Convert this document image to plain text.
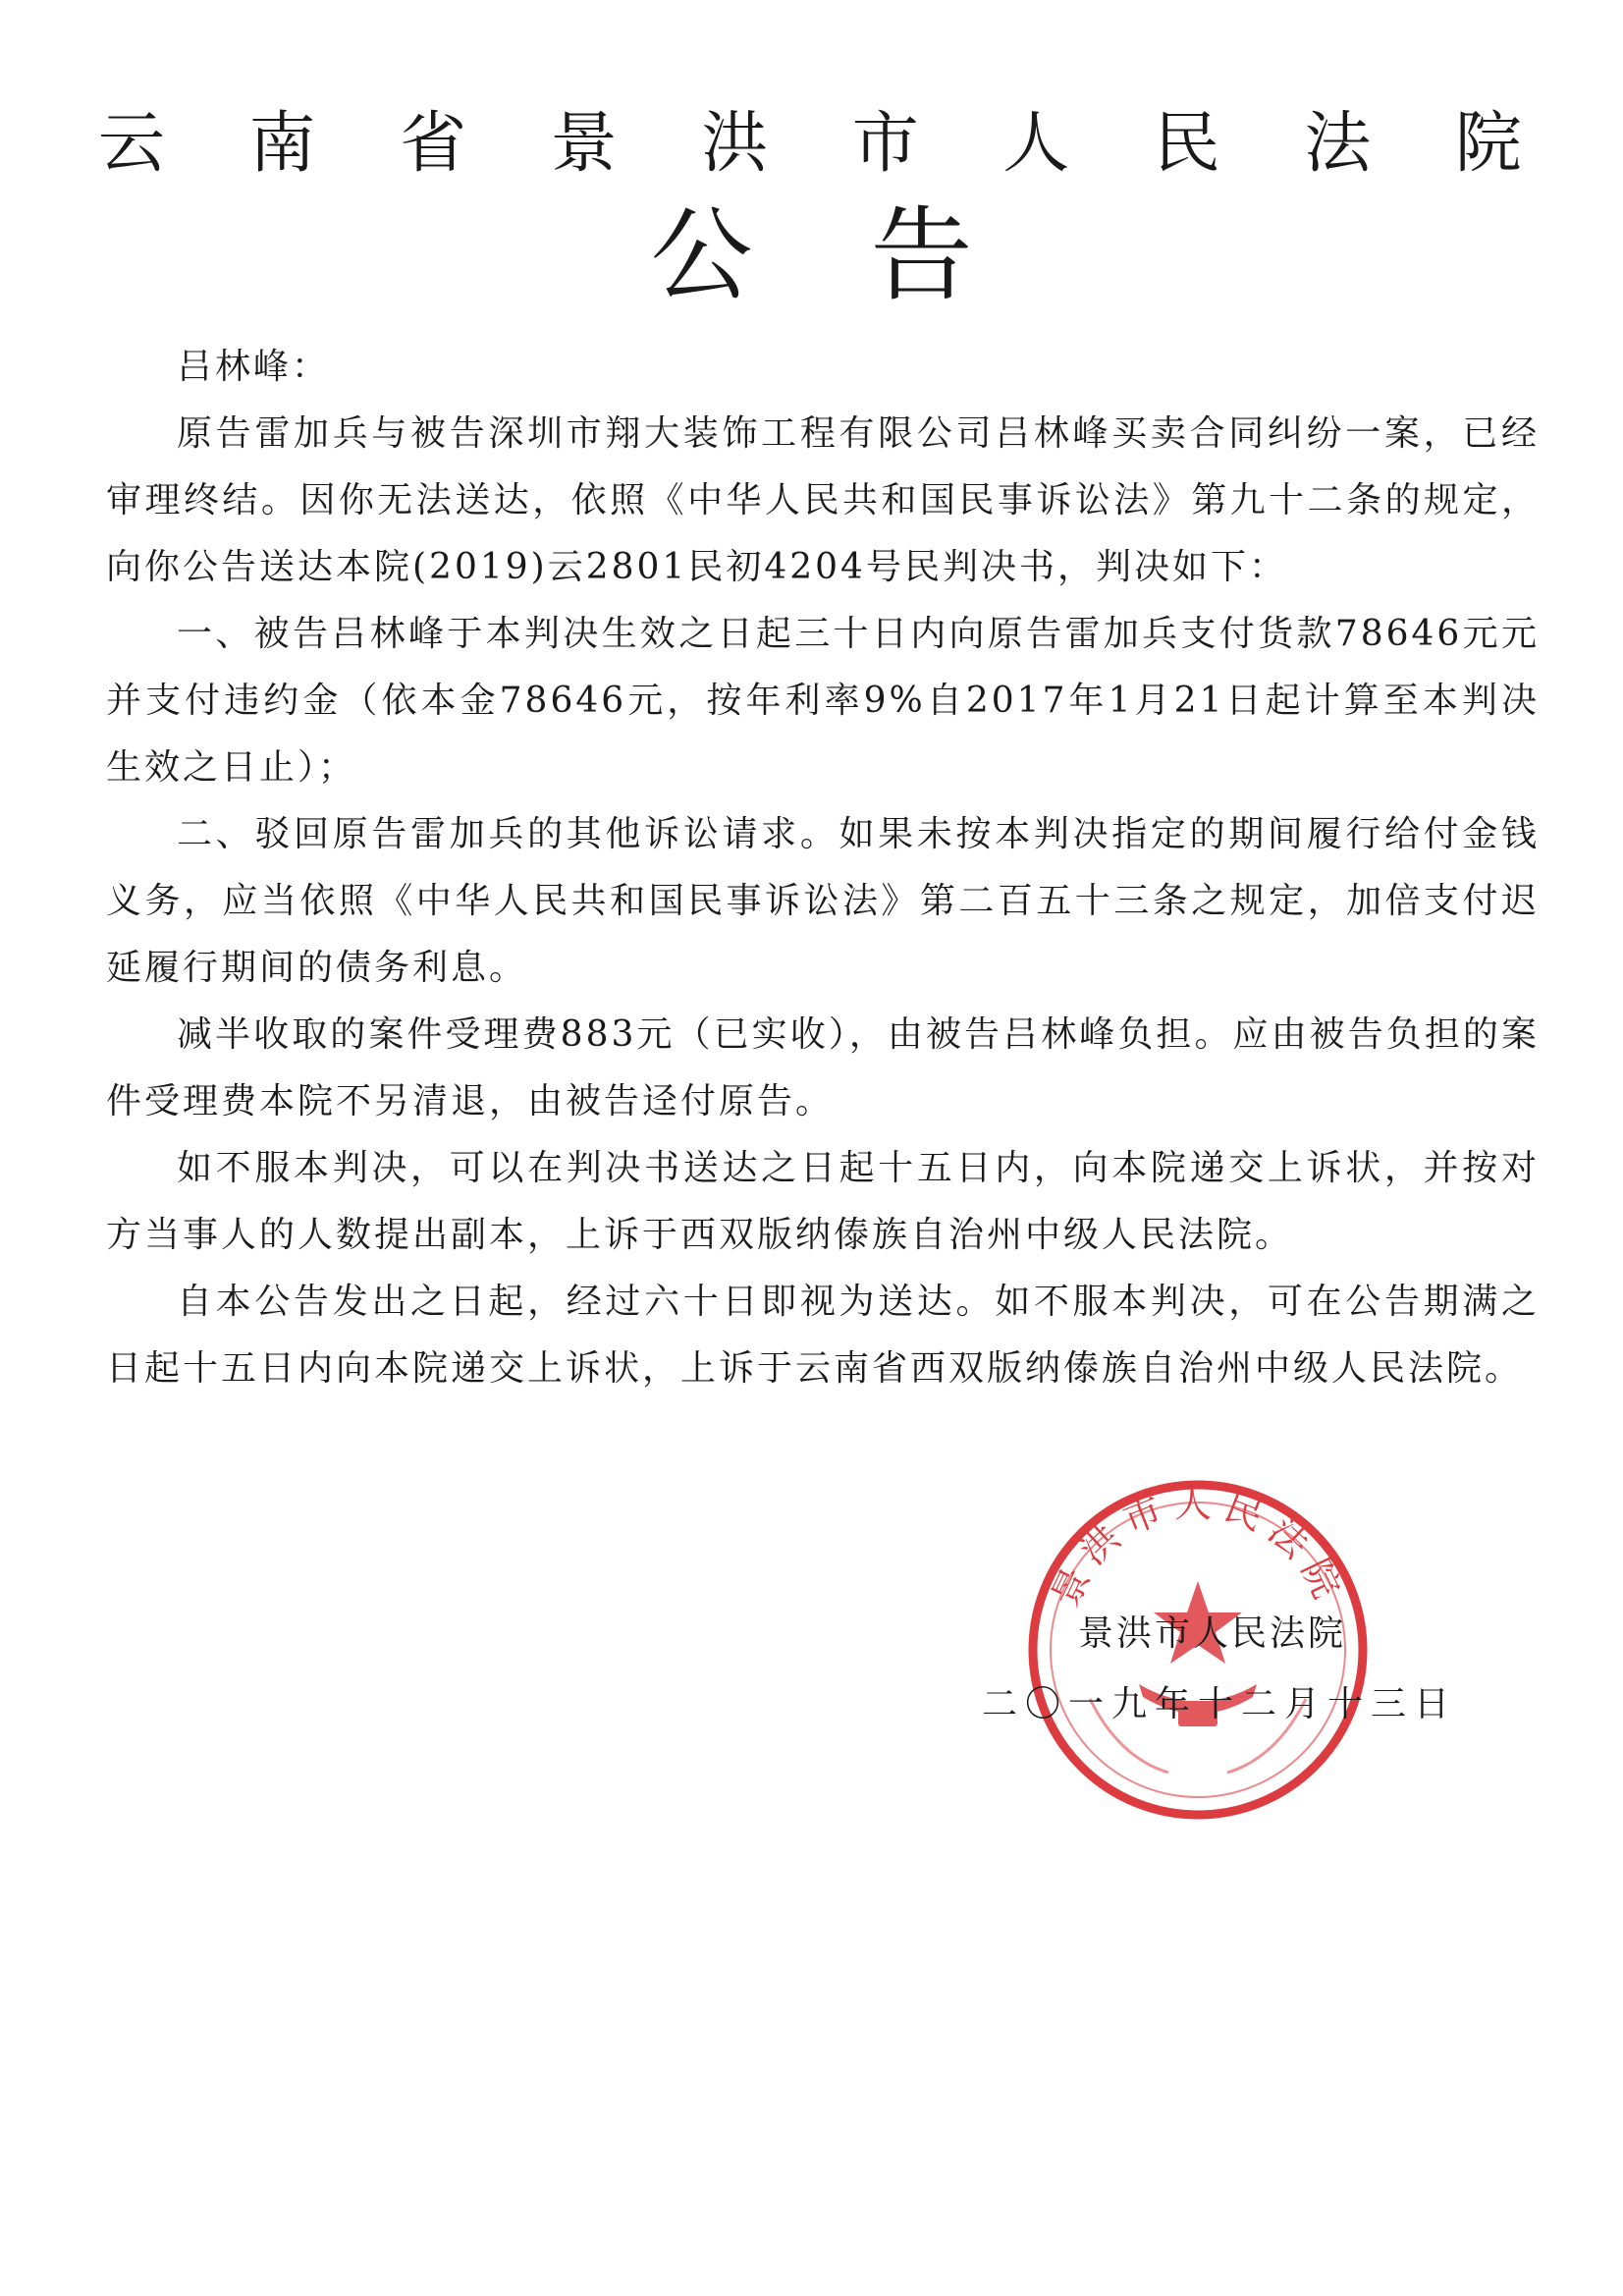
云 南 省 景 洪 市 人 民 法 院
公告

吕林峰：

原告雷加兵与被告深圳市翔大装饰工程有限公司吕林峰买卖合同纠纷一案，已经审理终结。因你无法送达，依照《中华人民共和国民事诉讼法》第九十二条的规定，向你公告送达本院(2019)云2801民初4204号民判决书，判决如下：

一、被告吕林峰于本判决生效之日起三十日内向原告雷加兵支付货款78646元元并支付违约金（依本金78646元，按年利率9%自2017年1月21日起计算至本判决生效之日止）；

二、驳回原告雷加兵的其他诉讼请求。如果未按本判决指定的期间履行给付金钱义务，应当依照《中华人民共和国民事诉讼法》第二百五十三条之规定，加倍支付迟延履行期间的债务利息。

减半收取的案件受理费883元（已实收），由被告吕林峰负担。应由被告负担的案件受理费本院不另清退，由被告迳付原告。

如不服本判决，可以在判决书送达之日起十五日内，向本院递交上诉状，并按对方当事人的人数提出副本，上诉于西双版纳傣族自治州中级人民法院。

自本公告发出之日起，经过六十日即视为送达。如不服本判决，可在公告期满之日起十五日内向本院递交上诉状，上诉于云南省西双版纳傣族自治州中级人民法院。

景洪市人民法院
景洪市人民法院
二〇一九年十二月十三日
